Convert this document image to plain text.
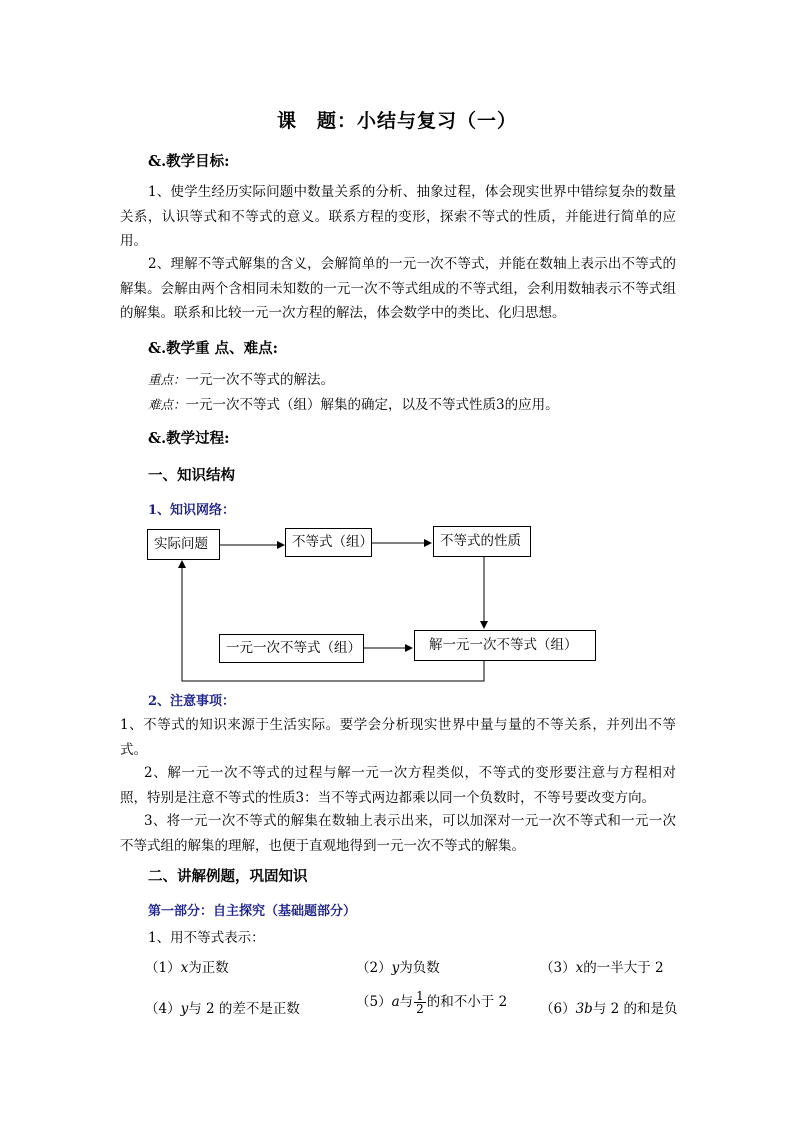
课　题：小结与复习（一）
&.教学目标:
1、使学生经历实际问题中数量关系的分析、抽象过程，体会现实世界中错综复杂的数量关系，认识等式和不等式的意义。联系方程的变形，探索不等式的性质，并能进行简单的应用。
2、理解不等式解集的含义，会解简单的一元一次不等式，并能在数轴上表示出不等式的解集。会解由两个含相同未知数的一元一次不等式组成的不等式组，会利用数轴表示不等式组的解集。联系和比较一元一次方程的解法，体会数学中的类比、化归思想。
&.教学重 点、难点:
重点：一元一次不等式的解法。
难点：一元一次不等式（组）解集的确定，以及不等式性质3的应用。
&.教学过程:
一、知识结构
1、知识网络：
实际问题	不等式（组）	不等式的性质
一元一次不等式（组）	解一元一次不等式（组）
2、注意事项：
1、不等式的知识来源于生活实际。要学会分析现实世界中量与量的不等关系，并列出不等式。
2、解一元一次不等式的过程与解一元一次方程类似，不等式的变形要注意与方程相对照，特别是注意不等式的性质3：当不等式两边都乘以同一个负数时，不等号要改变方向。
3、将一元一次不等式的解集在数轴上表示出来，可以加深对一元一次不等式和一元一次不等式组的解集的理解，也便于直观地得到一元一次不等式的解集。
二、讲解例题，巩固知识
第一部分：自主探究（基础题部分）
1、用不等式表示：
（1）x为正数	（2）y为负数	（3）x的一半大于 2
（4）y与 2 的差不是正数	（5）a与 $\frac{1}{2}$ 的和不小于 2 （6）3b与 2 的和是负
